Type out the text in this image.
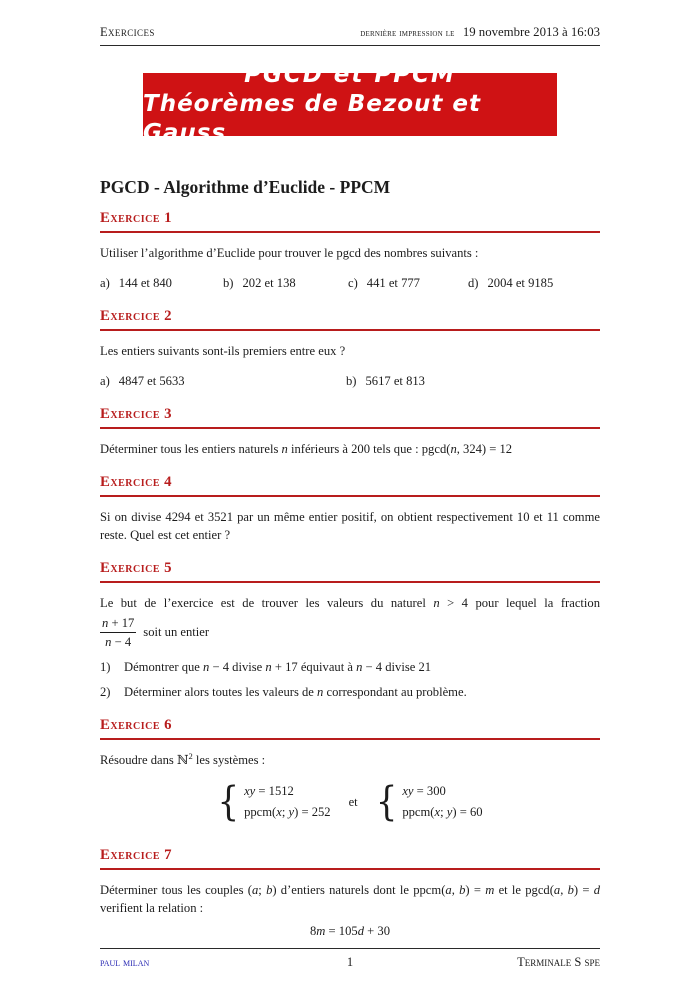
Exercices	dernière impression le 19 novembre 2013 à 16:03
PGCD et PPCM
Théorèmes de Bezout et Gauss
PGCD - Algorithme d’Euclide - PPCM
Exercice 1
Utiliser l’algorithme d’Euclide pour trouver le pgcd des nombres suivants :
a) 144 et 840	b) 202 et 138	c) 441 et 777	d) 2004 et 9185
Exercice 2
Les entiers suivants sont-ils premiers entre eux ?
a) 4847 et 5633	b) 5617 et 813
Exercice 3
Déterminer tous les entiers naturels n inférieurs à 200 tels que : pgcd(n, 324) = 12
Exercice 4
Si on divise 4294 et 3521 par un même entier positif, on obtient respectivement 10 et 11 comme reste. Quel est cet entier ?
Exercice 5
Le but de l’exercice est de trouver les valeurs du naturel n > 4 pour lequel la fraction
$\frac{n + 17}{n - 4}$ soit un entier
1)	Démontrer que n − 4 divise n + 17 équivaut à n − 4 divise 21
2)	Déterminer alors toutes les valeurs de n correspondant au problème.
Exercice 6
Résoudre dans ℕ$^2$ les systèmes :
{ xy = 1512
ppcm(x; y) = 252
et { xy = 300
ppcm(x; y) = 60
Exercice 7
Déterminer tous les couples (a; b) d’entiers naturels dont le ppcm(a, b) = m et le pgcd(a, b) = d verifient la relation :
8m = 105d + 30
paul milan	1	Terminale S spe
